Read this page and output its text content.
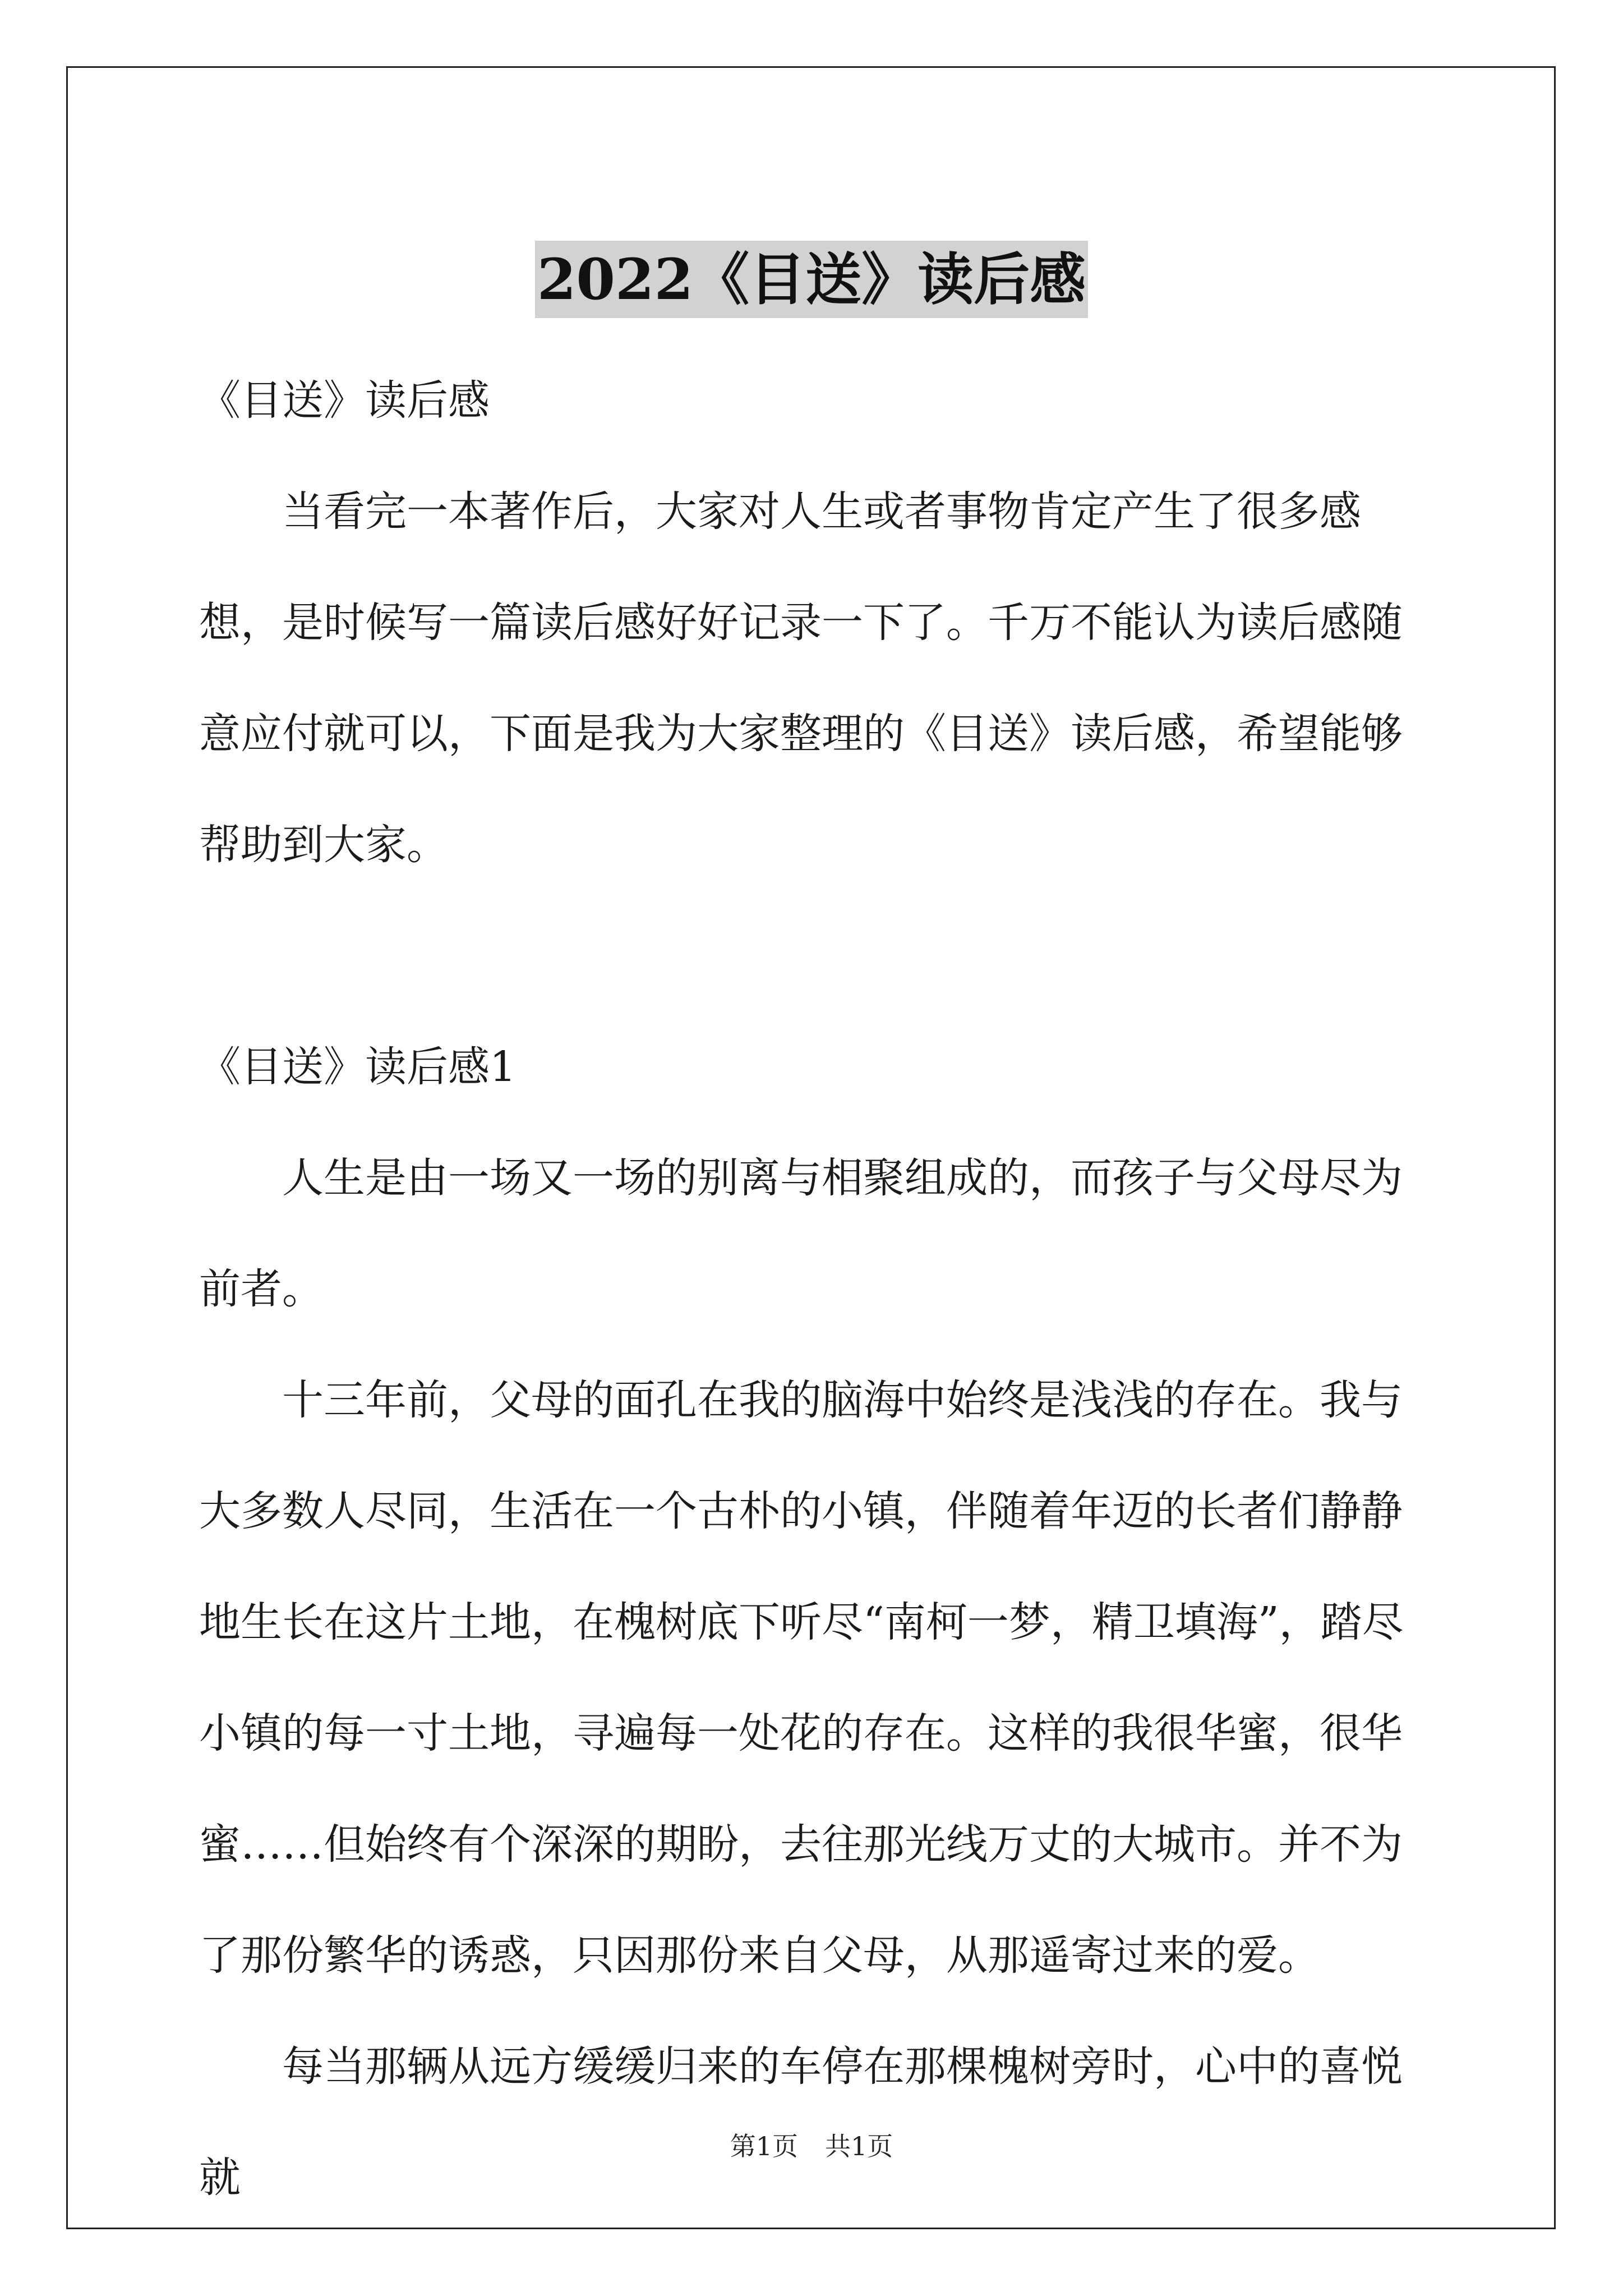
2022《目送》读后感

《目送》读后感

当看完一本著作后，大家对人生或者事物肯定产生了很多感想，是时候写一篇读后感好好记录一下了。千万不能认为读后感随意应付就可以，下面是我为大家整理的《目送》读后感，希望能够帮助到大家。

《目送》读后感1

人生是由一场又一场的别离与相聚组成的，而孩子与父母尽为前者。

十三年前，父母的面孔在我的脑海中始终是浅浅的存在。我与大多数人尽同，生活在一个古朴的小镇，伴随着年迈的长者们静静地生长在这片土地，在槐树底下听尽“南柯一梦，精卫填海”，踏尽小镇的每一寸土地，寻遍每一处花的存在。这样的我很华蜜，很华蜜……但始终有个深深的期盼，去往那光线万丈的大城市。并不为了那份繁华的诱惑，只因那份来自父母，从那遥寄过来的爱。

每当那辆从远方缓缓归来的车停在那棵槐树旁时，心中的喜悦就

第1页 共1页
